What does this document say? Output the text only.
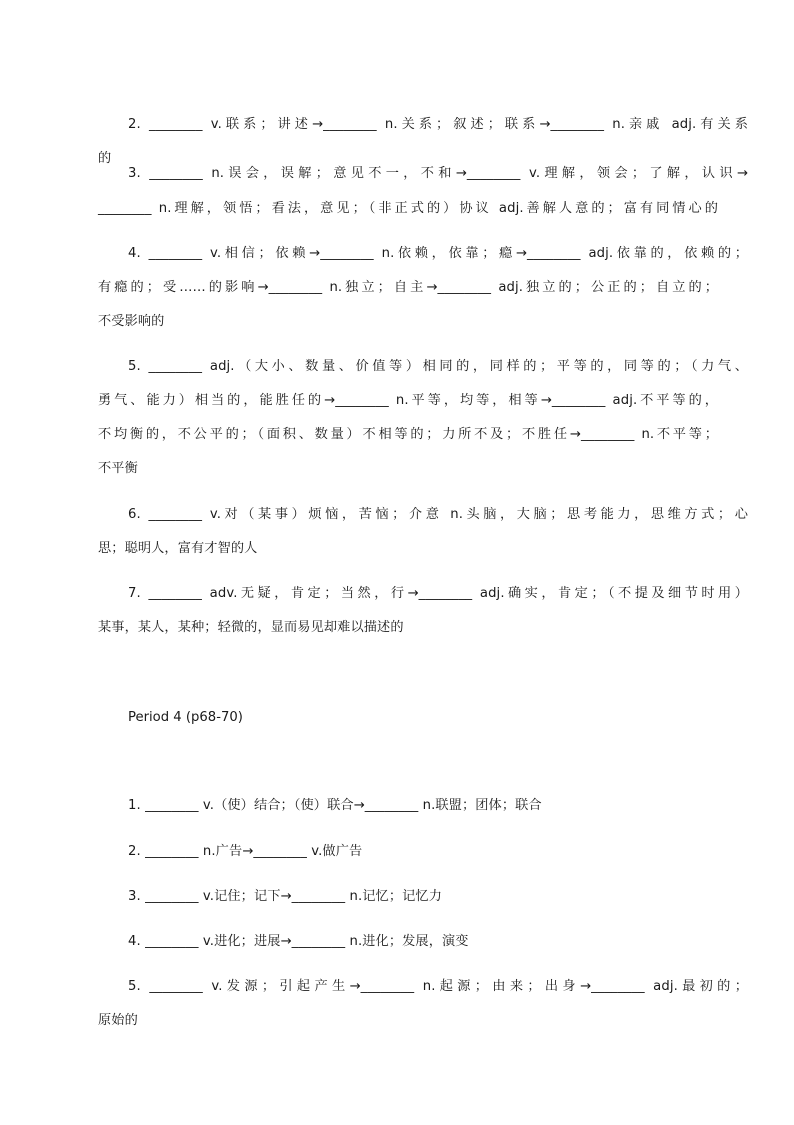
2. ________ v.联系；讲述→________ n.关系；叙述；联系→________ n.亲戚 adj.有关系
的
3. ________ n.误会，误解；意见不一，不和→________ v.理解，领会；了解，认识→
________ n.理解，领悟；看法，意见；（非正式的）协议 adj.善解人意的；富有同情心的
4. ________ v.相信；依赖→________ n.依赖，依靠；瘾→________ adj.依靠的，依赖的；
有瘾的；受……的影响→________ n.独立；自主→________ adj.独立的；公正的；自立的；
不受影响的
5. ________ adj.（大小、数量、价值等）相同的，同样的；平等的，同等的；（力气、
勇气、能力）相当的，能胜任的→________ n.平等，均等，相等→________ adj.不平等的，
不均衡的，不公平的；（面积、数量）不相等的；力所不及；不胜任→________ n.不平等；
不平衡
6. ________ v.对（某事）烦恼，苦恼；介意 n.头脑，大脑；思考能力，思维方式；心
思；聪明人，富有才智的人
7. ________ adv.无疑，肯定；当然，行→________ adj.确实，肯定；（不提及细节时用）
某事，某人，某种；轻微的，显而易见却难以描述的
Period 4 (p68-70)
1. ________ v.（使）结合；（使）联合→________ n.联盟；团体；联合
2. ________ n.广告→________ v.做广告
3. ________ v.记住；记下→________ n.记忆；记忆力
4. ________ v.进化；进展→________ n.进化；发展，演变
5. ________ v.发源；引起产生→________ n.起源；由来；出身→________ adj.最初的；
原始的
